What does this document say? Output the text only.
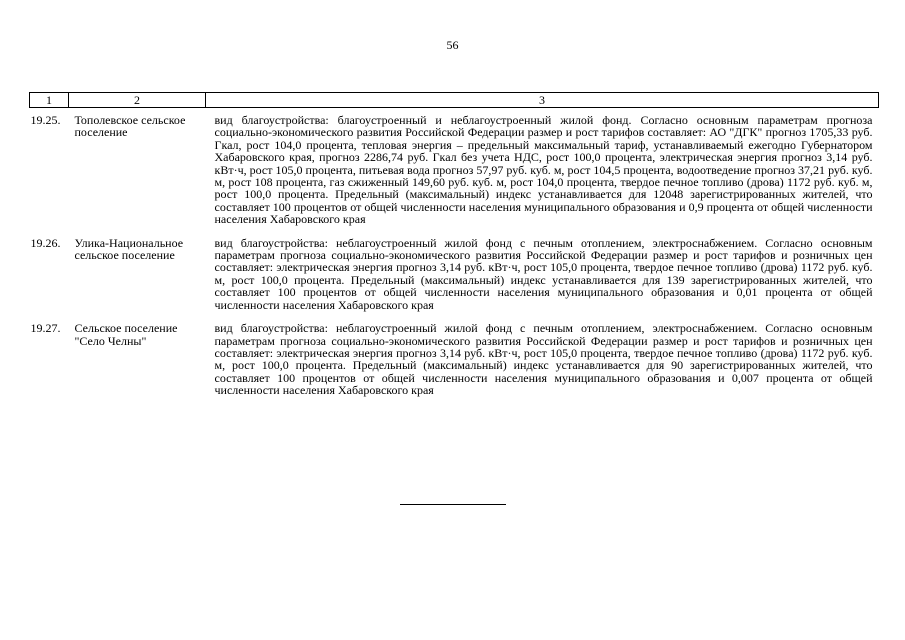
56
1	2	3
19.25.	Тополевское сельское поселение	вид благоустройства: благоустроенный и неблагоустроенный жилой фонд. Согласно основным параметрам прогноза социально-экономического развития Российской Федерации размер и рост тарифов составляет: АО "ДГК" прогноз 1705,33 руб. Гкал, рост 104,0 процента, тепловая энергия – предельный максимальный тариф, устанавливаемый ежегодно Губернатором Хабаровского края, прогноз 2286,74 руб. Гкал без учета НДС, рост 100,0 процента, электрическая энергия прогноз 3,14 руб. кВт·ч, рост 105,0 процента, питьевая вода прогноз 57,97 руб. куб. м, рост 104,5 процента, водоотведение прогноз 37,21 руб. куб. м, рост 108 процента, газ сжиженный 149,60 руб. куб. м, рост 104,0 процента, твердое печное топливо (дрова) 1172 руб. куб. м, рост 100,0 процента. Предельный (максимальный) индекс устанавливается для 12048 зарегистрированных жителей, что составляет 100 процентов от общей численности населения муниципального образования и 0,9 процента от общей численности населения Хабаровского края
19.26.	Улика-Национальное сельское поселение	вид благоустройства: неблагоустроенный жилой фонд с печным отоплением, электроснабжением. Согласно основным параметрам прогноза социально-экономического развития Российской Федерации размер и рост тарифов и розничных цен составляет: электрическая энергия прогноз 3,14 руб. кВт·ч, рост 105,0 процента, твердое печное топливо (дрова) 1172 руб. куб. м, рост 100,0 процента. Предельный (максимальный) индекс устанавливается для 139 зарегистрированных жителей, что составляет 100 процентов от общей численности населения муниципального образования и 0,01 процента от общей численности населения Хабаровского края
19.27.	Сельское поселение "Село Челны"	вид благоустройства: неблагоустроенный жилой фонд с печным отоплением, электроснабжением. Согласно основным параметрам прогноза социально-экономического развития Российской Федерации размер и рост тарифов и розничных цен составляет: электрическая энергия прогноз 3,14 руб. кВт·ч, рост 105,0 процента, твердое печное топливо (дрова) 1172 руб. куб. м, рост 100,0 процента. Предельный (максимальный) индекс устанавливается для 90 зарегистрированных жителей, что составляет 100 процентов от общей численности населения муниципального образования и 0,007 процента от общей численности населения Хабаровского края
